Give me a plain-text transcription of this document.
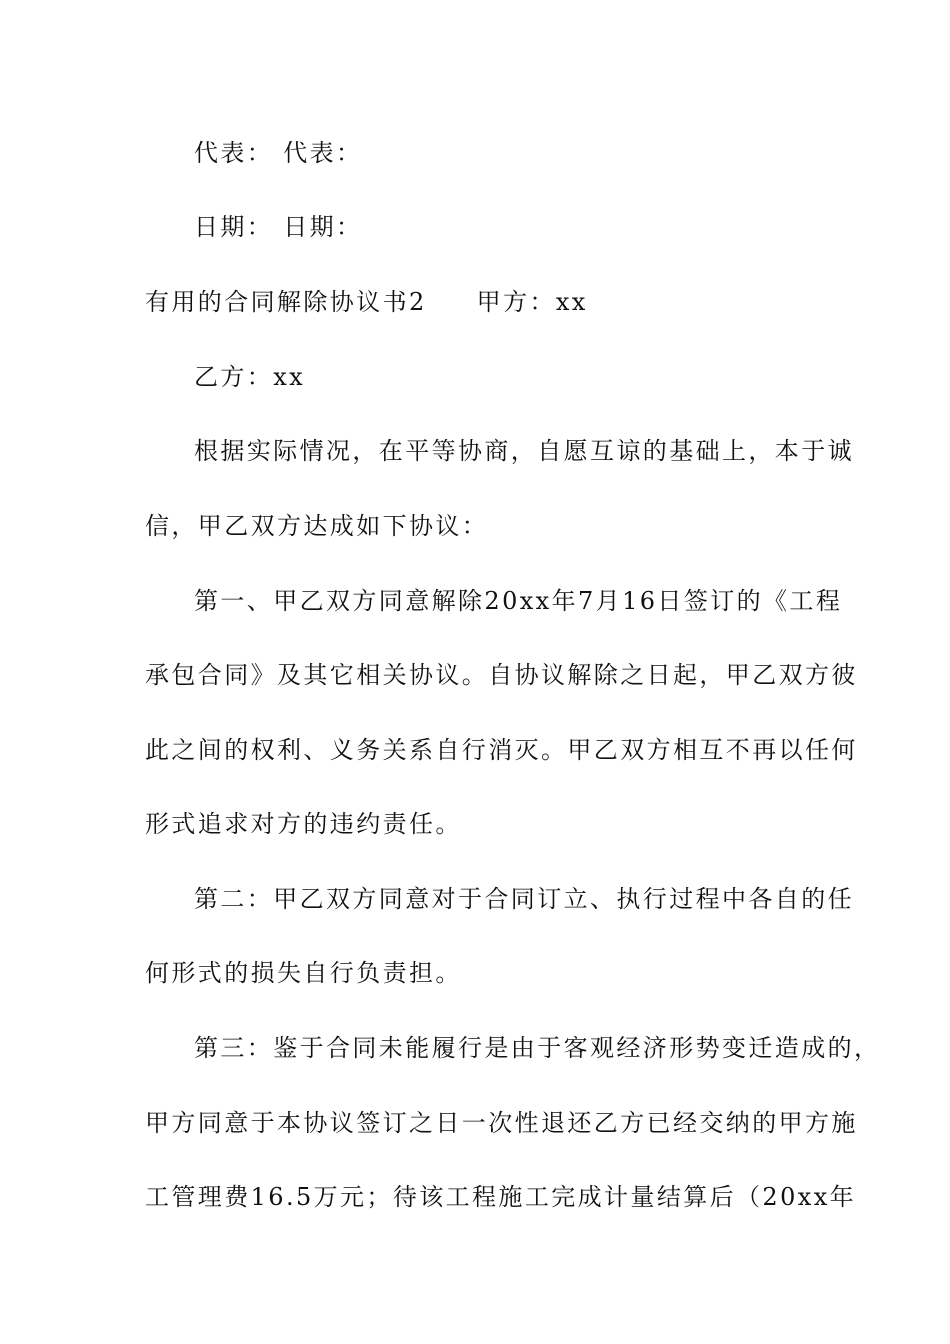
代表： 代表：
日期： 日期：
有用的合同解除协议书2 甲方：xx
乙方：xx
根据实际情况，在平等协商，自愿互谅的基础上，本于诚
信，甲乙双方达成如下协议：
第一、甲乙双方同意解除20xx年7月16日签订的《工程
承包合同》及其它相关协议。自协议解除之日起，甲乙双方彼
此之间的权利、义务关系自行消灭。甲乙双方相互不再以任何
形式追求对方的违约责任。
第二：甲乙双方同意对于合同订立、执行过程中各自的任
何形式的损失自行负责担。
第三：鉴于合同未能履行是由于客观经济形势变迁造成的，
甲方同意于本协议签订之日一次性退还乙方已经交纳的甲方施
工管理费16.5万元；待该工程施工完成计量结算后（20xx年
